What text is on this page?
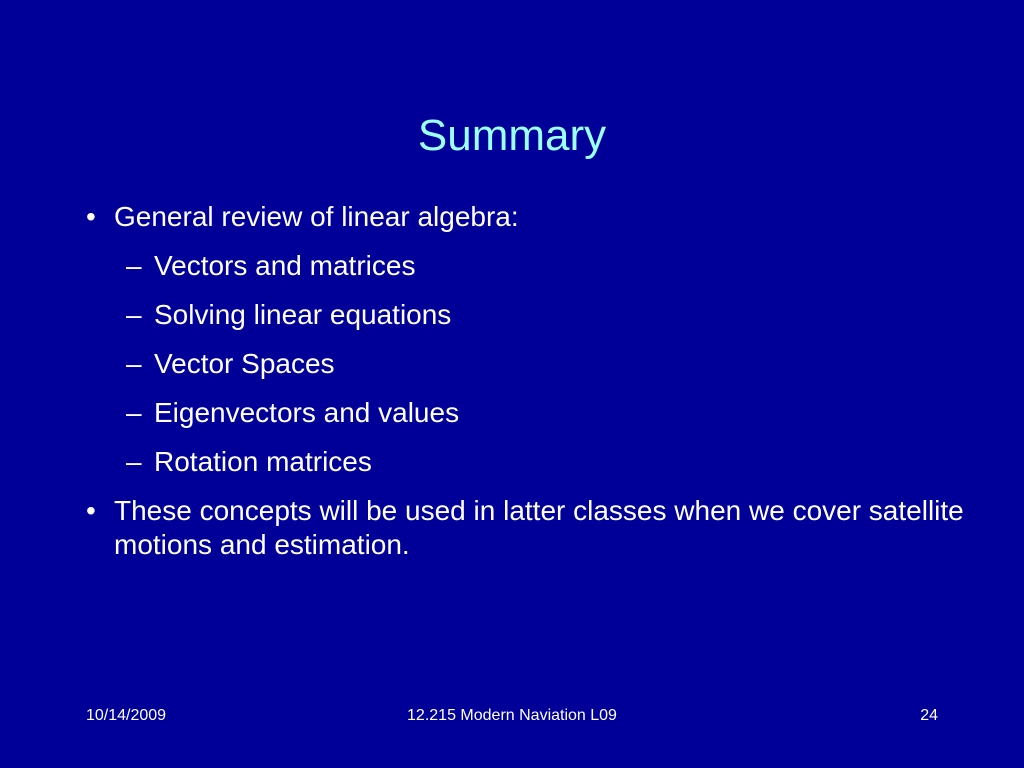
Summary
• General review of linear algebra:
– Vectors and matrices
– Solving linear equations
– Vector Spaces
– Eigenvectors and values
– Rotation matrices
• These concepts will be used in latter classes when we cover satellite motions and estimation.
10/14/2009	12.215 Modern Naviation L09	24
